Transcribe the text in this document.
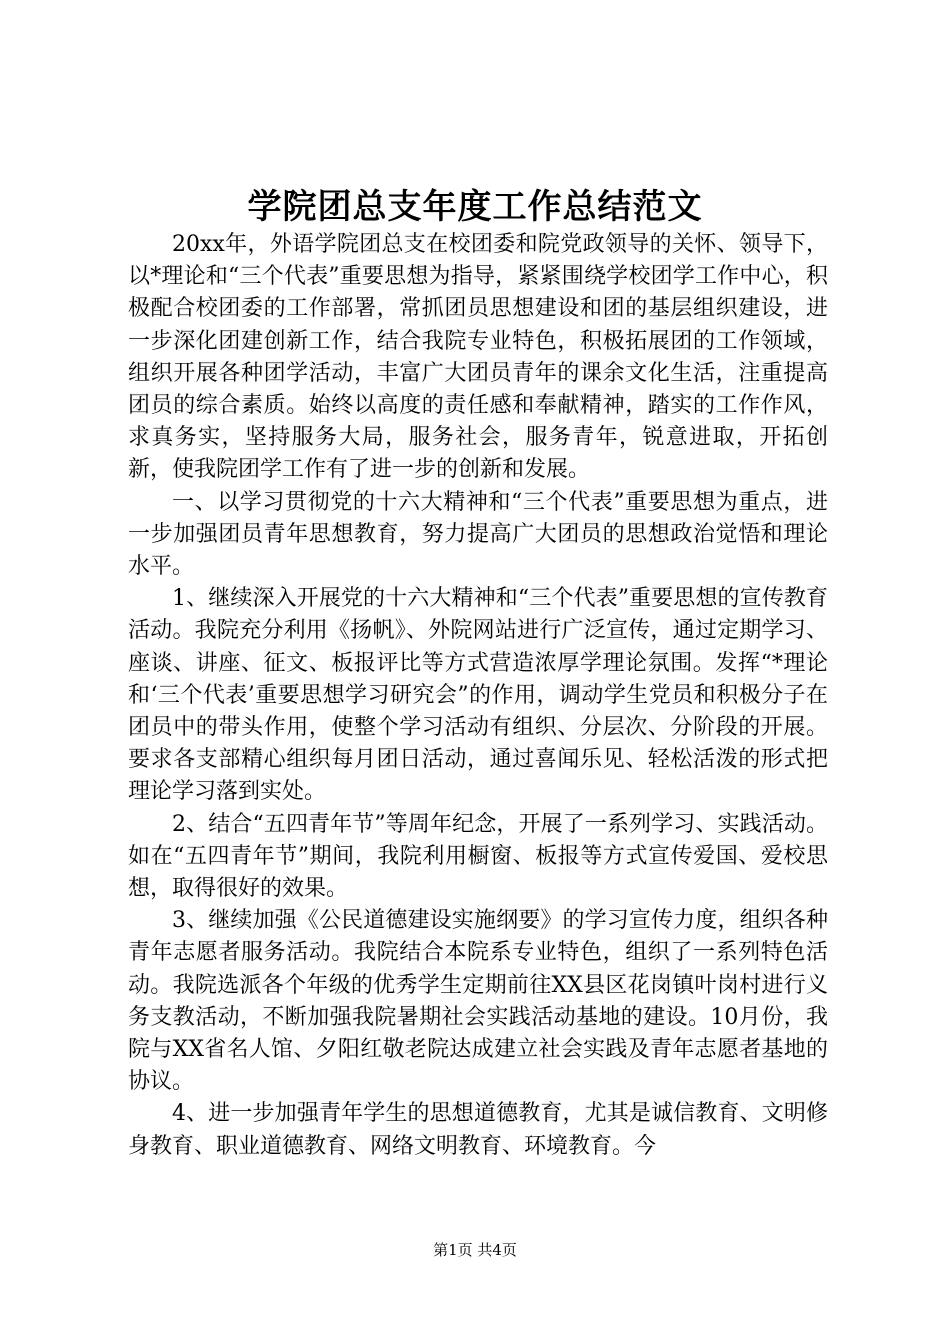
学院团总支年度工作总结范文

20xx年，外语学院团总支在校团委和院党政领导的关怀、领导下，以*理论和“三个代表”重要思想为指导，紧紧围绕学校团学工作中心，积极配合校团委的工作部署，常抓团员思想建设和团的基层组织建设，进一步深化团建创新工作，结合我院专业特色，积极拓展团的工作领域，组织开展各种团学活动，丰富广大团员青年的课余文化生活，注重提高团员的综合素质。始终以高度的责任感和奉献精神，踏实的工作作风，求真务实，坚持服务大局，服务社会，服务青年，锐意进取，开拓创新，使我院团学工作有了进一步的创新和发展。

一、以学习贯彻党的十六大精神和“三个代表”重要思想为重点，进一步加强团员青年思想教育，努力提高广大团员的思想政治觉悟和理论水平。

1、继续深入开展党的十六大精神和“三个代表”重要思想的宣传教育活动。我院充分利用《扬帆》、外院网站进行广泛宣传，通过定期学习、座谈、讲座、征文、板报评比等方式营造浓厚学理论氛围。发挥“*理论和‘三个代表’重要思想学习研究会”的作用，调动学生党员和积极分子在团员中的带头作用，使整个学习活动有组织、分层次、分阶段的开展。要求各支部精心组织每月团日活动，通过喜闻乐见、轻松活泼的形式把理论学习落到实处。

2、结合“五四青年节”等周年纪念，开展了一系列学习、实践活动。如在“五四青年节”期间，我院利用橱窗、板报等方式宣传爱国、爱校思想，取得很好的效果。

3、继续加强《公民道德建设实施纲要》的学习宣传力度，组织各种青年志愿者服务活动。我院结合本院系专业特色，组织了一系列特色活动。我院选派各个年级的优秀学生定期前往XX县区花岗镇叶岗村进行义务支教活动，不断加强我院暑期社会实践活动基地的建设。10月份，我院与XX省名人馆、夕阳红敬老院达成建立社会实践及青年志愿者基地的协议。

4、进一步加强青年学生的思想道德教育，尤其是诚信教育、文明修身教育、职业道德教育、网络文明教育、环境教育。今

第1页 共4页
